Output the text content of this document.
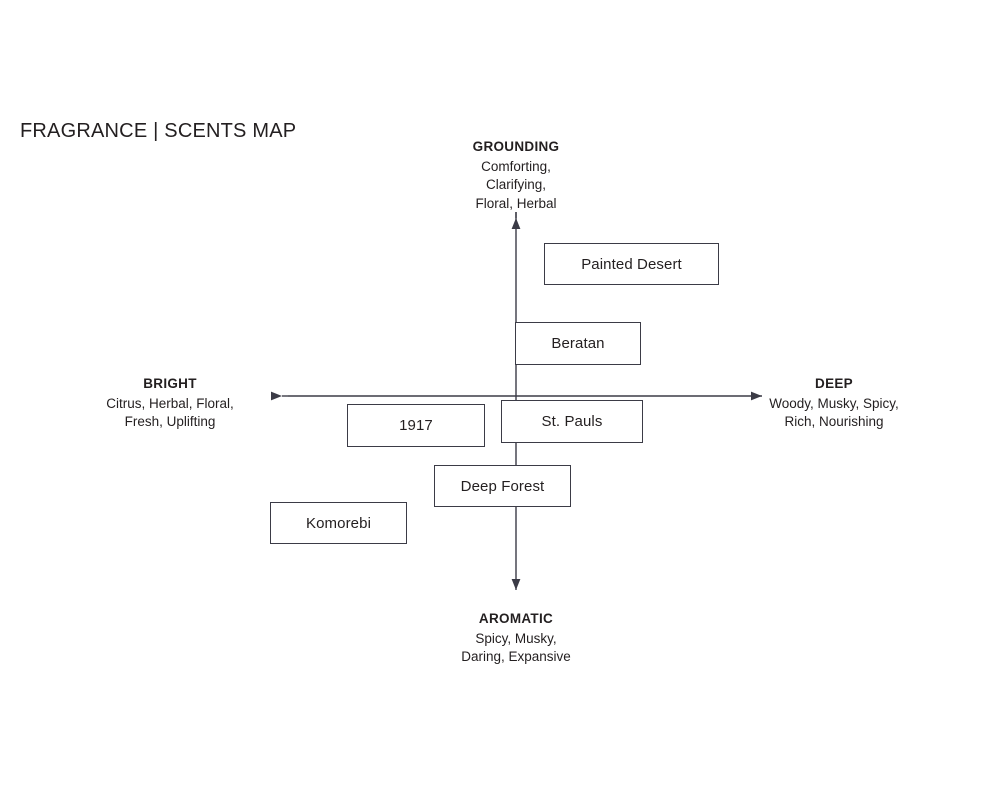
FRAGRANCE | SCENTS MAP
GROUNDING
Comforting,
Clarifying,
Floral, Herbal
AROMATIC
Spicy, Musky,
Daring, Expansive
BRIGHT
Citrus, Herbal, Floral,
Fresh, Uplifting
DEEP
Woody, Musky, Spicy,
Rich, Nourishing
Painted Desert
Beratan
St. Pauls
1917
Deep Forest
Komorebi
